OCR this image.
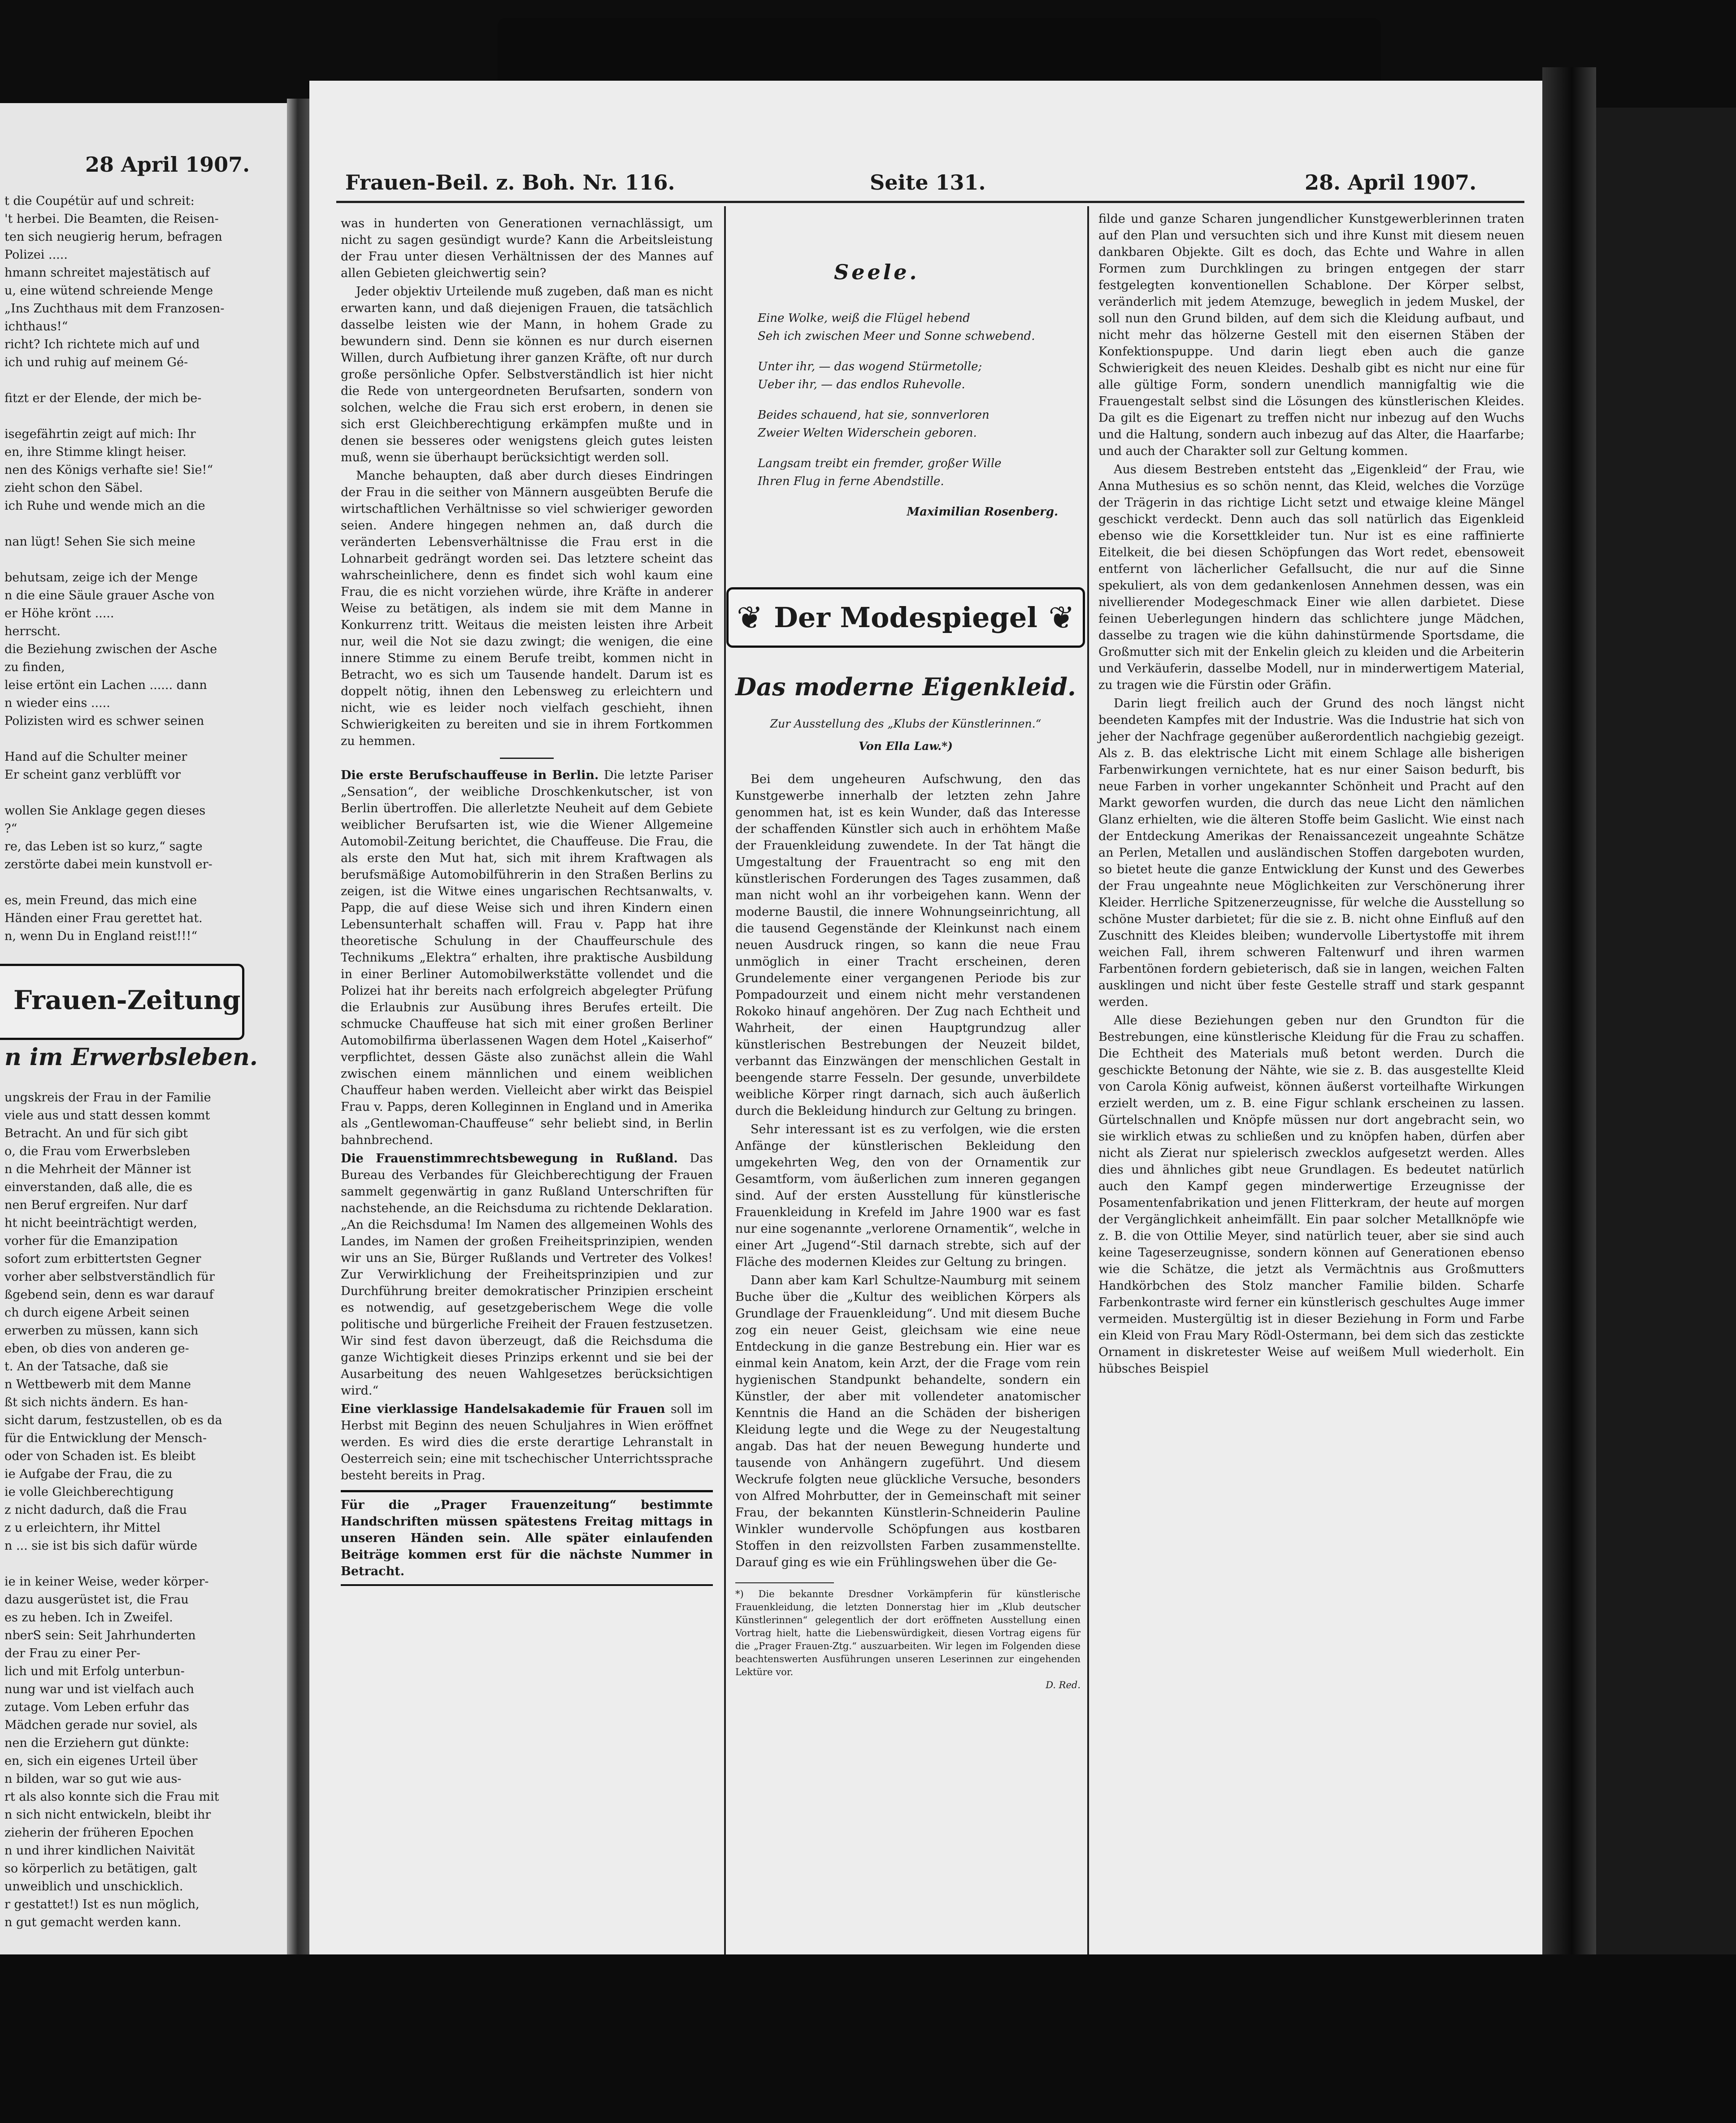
28 April 1907.
t die Coupétür auf und schreit:
't herbei. Die Beamten, die Reisen-
ten sich neugierig herum, befragen
Polizei .....
hmann schreitet majestätisch auf
u, eine wütend schreiende Menge
„Ins Zuchthaus mit dem Franzosen-
ichthaus!“
richt? Ich richtete mich auf und
ich und ruhig auf meinem Gé-
fitzt er der Elende, der mich be-
isegefährtin zeigt auf mich: Ihr
en, ihre Stimme klingt heiser.
nen des Königs verhafte sie! Sie!“
zieht schon den Säbel.
ich Ruhe und wende mich an die
nan lügt! Sehen Sie sich meine
behutsam, zeige ich der Menge
n die eine Säule grauer Asche von
er Höhe krönt .....
herrscht.
die Beziehung zwischen der Asche
zu finden,
leise ertönt ein Lachen ...... dann
n wieder eins .....
Polizisten wird es schwer seinen
Hand auf die Schulter meiner
Er scheint ganz verblüfft vor
wollen Sie Anklage gegen dieses
?“
re, das Leben ist so kurz,“ sagte
zerstörte dabei mein kunstvoll er-
es, mein Freund, das mich eine
Händen einer Frau gerettet hat.
n, wenn Du in England reist!!!“
Frauen-Zeitung
n im Erwerbsleben.
ungskreis der Frau in der Familie
viele aus und statt dessen kommt
Betracht. An und für sich gibt
o, die Frau vom Erwerbsleben
n die Mehrheit der Männer ist
einverstanden, daß alle, die es
nen Beruf ergreifen. Nur darf
ht nicht beeinträchtigt werden,
vorher für die Emanzipation
sofort zum erbittertsten Gegner
vorher aber selbstverständlich für
ßgebend sein, denn es war darauf
ch durch eigene Arbeit seinen
erwerben zu müssen, kann sich
eben, ob dies von anderen ge-
t. An der Tatsache, daß sie
n Wettbewerb mit dem Manne
ßt sich nichts ändern. Es han-
sicht darum, festzustellen, ob es da
für die Entwicklung der Mensch-
oder von Schaden ist. Es bleibt
ie Aufgabe der Frau, die zu
ie volle Gleichberechtigung
z nicht dadurch, daß die Frau
z u erleichtern, ihr Mittel
n ... sie ist bis sich dafür würde
ie in keiner Weise, weder körper-
dazu ausgerüstet ist, die Frau
es zu heben. Ich in Zweifel.
nberS sein: Seit Jahrhunderten
der Frau zu einer Per-
lich und mit Erfolg unterbun-
nung war und ist vielfach auch
zutage. Vom Leben erfuhr das
Mädchen gerade nur soviel, als
nen die Erziehern gut dünkte:
en, sich ein eigenes Urteil über
n bilden, war so gut wie aus-
rt als also konnte sich die Frau mit
n sich nicht entwickeln, bleibt ihr
zieherin der früheren Epochen
n und ihrer kindlichen Naivität
so körperlich zu betätigen, galt
unweiblich und unschicklich.
r gestattet!) Ist es nun möglich,
n gut gemacht werden kann.
Frauen-Beil. z. Boh. Nr. 116.	Seite 131.	28. April 1907.

was in hunderten von Generationen vernachlässigt, um nicht zu sagen gesündigt wurde? Kann die Arbeitsleistung der Frau unter diesen Verhältnissen der des Mannes auf allen Gebieten gleichwertig sein?

Jeder objektiv Urteilende muß zugeben, daß man es nicht erwarten kann, und daß diejenigen Frauen, die tatsächlich dasselbe leisten wie der Mann, in hohem Grade zu bewundern sind. Denn sie können es nur durch eisernen Willen, durch Aufbietung ihrer ganzen Kräfte, oft nur durch große persönliche Opfer. Selbstverständlich ist hier nicht die Rede von untergeordneten Berufsarten, sondern von solchen, welche die Frau sich erst erobern, in denen sie sich erst Gleichberechtigung erkämpfen mußte und in denen sie besseres oder wenigstens gleich gutes leisten muß, wenn sie überhaupt berücksichtigt werden soll.

Manche behaupten, daß aber durch dieses Eindringen der Frau in die seither von Männern ausgeübten Berufe die wirtschaftlichen Verhältnisse so viel schwieriger geworden seien. Andere hingegen nehmen an, daß durch die veränderten Lebensverhältnisse die Frau erst in die Lohnarbeit gedrängt worden sei. Das letztere scheint das wahrscheinlichere, denn es findet sich wohl kaum eine Frau, die es nicht vorziehen würde, ihre Kräfte in anderer Weise zu betätigen, als indem sie mit dem Manne in Konkurrenz tritt. Weitaus die meisten leisten ihre Arbeit nur, weil die Not sie dazu zwingt; die wenigen, die eine innere Stimme zu einem Berufe treibt, kommen nicht in Betracht, wo es sich um Tausende handelt. Darum ist es doppelt nötig, ihnen den Lebensweg zu erleichtern und nicht, wie es leider noch vielfach geschieht, ihnen Schwierigkeiten zu bereiten und sie in ihrem Fortkommen zu hemmen.

Die erste Berufschauffeuse in Berlin. Die letzte Pariser „Sensation“, der weibliche Droschkenkutscher, ist von Berlin übertroffen. Die allerletzte Neuheit auf dem Gebiete weiblicher Berufsarten ist, wie die Wiener Allgemeine Automobil-Zeitung berichtet, die Chauffeuse. Die Frau, die als erste den Mut hat, sich mit ihrem Kraftwagen als berufsmäßige Automobilführerin in den Straßen Berlins zu zeigen, ist die Witwe eines ungarischen Rechtsanwalts, v. Papp, die auf diese Weise sich und ihren Kindern einen Lebensunterhalt schaffen will. Frau v. Papp hat ihre theoretische Schulung in der Chauffeurschule des Technikums „Elektra“ erhalten, ihre praktische Ausbildung in einer Berliner Automobilwerkstätte vollendet und die Polizei hat ihr bereits nach erfolgreich abgelegter Prüfung die Erlaubnis zur Ausübung ihres Berufes erteilt. Die schmucke Chauffeuse hat sich mit einer großen Berliner Automobilfirma überlassenen Wagen dem Hotel „Kaiserhof“ verpflichtet, dessen Gäste also zunächst allein die Wahl zwischen einem männlichen und einem weiblichen Chauffeur haben werden. Vielleicht aber wirkt das Beispiel Frau v. Papps, deren Kolleginnen in England und in Amerika als „Gentlewoman-Chauffeuse“ sehr beliebt sind, in Berlin bahnbrechend.

Die Frauenstimmrechtsbewegung in Rußland. Das Bureau des Verbandes für Gleichberechtigung der Frauen sammelt gegenwärtig in ganz Rußland Unterschriften für nachstehende, an die Reichsduma zu richtende Deklaration. „An die Reichsduma! Im Namen des allgemeinen Wohls des Landes, im Namen der großen Freiheitsprinzipien, wenden wir uns an Sie, Bürger Rußlands und Vertreter des Volkes! Zur Verwirklichung der Freiheitsprinzipien und zur Durchführung breiter demokratischer Prinzipien erscheint es notwendig, auf gesetzgeberischem Wege die volle politische und bürgerliche Freiheit der Frauen festzusetzen. Wir sind fest davon überzeugt, daß die Reichsduma die ganze Wichtigkeit dieses Prinzips erkennt und sie bei der Ausarbeitung des neuen Wahlgesetzes berücksichtigen wird.“

Eine vierklassige Handelsakademie für Frauen soll im Herbst mit Beginn des neuen Schuljahres in Wien eröffnet werden. Es wird dies die erste derartige Lehranstalt in Oesterreich sein; eine mit tschechischer Unterrichtssprache besteht bereits in Prag.

Für die „Prager Frauenzeitung“ bestimmte Handschriften müssen spätestens Freitag mittags in unseren Händen sein. Alle später einlaufenden Beiträge kommen erst für die nächste Nummer in Betracht.

Seele.
Eine Wolke, weiß die Flügel hebend
Seh ich zwischen Meer und Sonne schwebend.
Unter ihr, — das wogend Stürmetolle;
Ueber ihr, — das endlos Ruhevolle.
Beides schauend, hat sie, sonnverloren
Zweier Welten Widerschein geboren.
Langsam treibt ein fremder, großer Wille
Ihren Flug in ferne Abendstille.
Maximilian Rosenberg.
❦ Der Modespiegel ❦
Das moderne Eigenkleid.
Zur Ausstellung des „Klubs der Künstlerinnen.“
Von Ella Law.*)

Bei dem ungeheuren Aufschwung, den das Kunstgewerbe innerhalb der letzten zehn Jahre genommen hat, ist es kein Wunder, daß das Interesse der schaffenden Künstler sich auch in erhöhtem Maße der Frauenkleidung zuwendete. In der Tat hängt die Umgestaltung der Frauentracht so eng mit den künstlerischen Forderungen des Tages zusammen, daß man nicht wohl an ihr vorbeigehen kann. Wenn der moderne Baustil, die innere Wohnungseinrichtung, all die tausend Gegenstände der Kleinkunst nach einem neuen Ausdruck ringen, so kann die neue Frau unmöglich in einer Tracht erscheinen, deren Grundelemente einer vergangenen Periode bis zur Pompadourzeit und einem nicht mehr verstandenen Rokoko hinauf angehören. Der Zug nach Echtheit und Wahrheit, der einen Hauptgrundzug aller künstlerischen Bestrebungen der Neuzeit bildet, verbannt das Einzwängen der menschlichen Gestalt in beengende starre Fesseln. Der gesunde, unverbildete weibliche Körper ringt darnach, sich auch äußerlich durch die Bekleidung hindurch zur Geltung zu bringen.

Sehr interessant ist es zu verfolgen, wie die ersten Anfänge der künstlerischen Bekleidung den umgekehrten Weg, den von der Ornamentik zur Gesamtform, vom äußerlichen zum inneren gegangen sind. Auf der ersten Ausstellung für künstlerische Frauenkleidung in Krefeld im Jahre 1900 war es fast nur eine sogenannte „verlorene Ornamentik“, welche in einer Art „Jugend“-Stil darnach strebte, sich auf der Fläche des modernen Kleides zur Geltung zu bringen.

Dann aber kam Karl Schultze-Naumburg mit seinem Buche über die „Kultur des weiblichen Körpers als Grundlage der Frauenkleidung“. Und mit diesem Buche zog ein neuer Geist, gleichsam wie eine neue Entdeckung in die ganze Bestrebung ein. Hier war es einmal kein Anatom, kein Arzt, der die Frage vom rein hygienischen Standpunkt behandelte, sondern ein Künstler, der aber mit vollendeter anatomischer Kenntnis die Hand an die Schäden der bisherigen Kleidung legte und die Wege zu der Neugestaltung angab. Das hat der neuen Bewegung hunderte und tausende von Anhängern zugeführt. Und diesem Weckrufe folgten neue glückliche Versuche, besonders von Alfred Mohrbutter, der in Gemeinschaft mit seiner Frau, der bekannten Künstlerin-Schneiderin Pauline Winkler wundervolle Schöpfungen aus kostbaren Stoffen in den reizvollsten Farben zusammenstellte. Darauf ging es wie ein Frühlingswehen über die Ge-

*) Die bekannte Dresdner Vorkämpferin für künstlerische Frauenkleidung, die letzten Donnerstag hier im „Klub deutscher Künstlerinnen“ gelegentlich der dort eröffneten Ausstellung einen Vortrag hielt, hatte die Liebenswürdigkeit, diesen Vortrag eigens für die „Prager Frauen-Ztg.“ auszuarbeiten. Wir legen im Folgenden diese beachtenswerten Ausführungen unseren Leserinnen zur eingehenden Lektüre vor.
D. Red.

filde und ganze Scharen jungendlicher Kunstgewerblerinnen traten auf den Plan und versuchten sich und ihre Kunst mit diesem neuen dankbaren Objekte. Gilt es doch, das Echte und Wahre in allen Formen zum Durchklingen zu bringen entgegen der starr festgelegten konventionellen Schablone. Der Körper selbst, veränderlich mit jedem Atemzuge, beweglich in jedem Muskel, der soll nun den Grund bilden, auf dem sich die Kleidung aufbaut, und nicht mehr das hölzerne Gestell mit den eisernen Stäben der Konfektionspuppe. Und darin liegt eben auch die ganze Schwierigkeit des neuen Kleides. Deshalb gibt es nicht nur eine für alle gültige Form, sondern unendlich mannigfaltig wie die Frauengestalt selbst sind die Lösungen des künstlerischen Kleides. Da gilt es die Eigenart zu treffen nicht nur inbezug auf den Wuchs und die Haltung, sondern auch inbezug auf das Alter, die Haarfarbe; und auch der Charakter soll zur Geltung kommen.

Aus diesem Bestreben entsteht das „Eigenkleid“ der Frau, wie Anna Muthesius es so schön nennt, das Kleid, welches die Vorzüge der Trägerin in das richtige Licht setzt und etwaige kleine Mängel geschickt verdeckt. Denn auch das soll natürlich das Eigenkleid ebenso wie die Korsettkleider tun. Nur ist es eine raffinierte Eitelkeit, die bei diesen Schöpfungen das Wort redet, ebensoweit entfernt von lächerlicher Gefallsucht, die nur auf die Sinne spekuliert, als von dem gedankenlosen Annehmen dessen, was ein nivellierender Modegeschmack Einer wie allen darbietet. Diese feinen Ueberlegungen hindern das schlichtere junge Mädchen, dasselbe zu tragen wie die kühn dahinstürmende Sportsdame, die Großmutter sich mit der Enkelin gleich zu kleiden und die Arbeiterin und Verkäuferin, dasselbe Modell, nur in minderwertigem Material, zu tragen wie die Fürstin oder Gräfin.

Darin liegt freilich auch der Grund des noch längst nicht beendeten Kampfes mit der Industrie. Was die Industrie hat sich von jeher der Nachfrage gegenüber außerordentlich nachgiebig gezeigt. Als z. B. das elektrische Licht mit einem Schlage alle bisherigen Farbenwirkungen vernichtete, hat es nur einer Saison bedurft, bis neue Farben in vorher ungekannter Schönheit und Pracht auf den Markt geworfen wurden, die durch das neue Licht den nämlichen Glanz erhielten, wie die älteren Stoffe beim Gaslicht. Wie einst nach der Entdeckung Amerikas der Renaissancezeit ungeahnte Schätze an Perlen, Metallen und ausländischen Stoffen dargeboten wurden, so bietet heute die ganze Entwicklung der Kunst und des Gewerbes der Frau ungeahnte neue Möglichkeiten zur Verschönerung ihrer Kleider. Herrliche Spitzenerzeugnisse, für welche die Ausstellung so schöne Muster darbietet; für die sie z. B. nicht ohne Einfluß auf den Zuschnitt des Kleides bleiben; wundervolle Libertystoffe mit ihrem weichen Fall, ihrem schweren Faltenwurf und ihren warmen Farbentönen fordern gebieterisch, daß sie in langen, weichen Falten ausklingen und nicht über feste Gestelle straff und stark gespannt werden.

Alle diese Beziehungen geben nur den Grundton für die Bestrebungen, eine künstlerische Kleidung für die Frau zu schaffen. Die Echtheit des Materials muß betont werden. Durch die geschickte Betonung der Nähte, wie sie z. B. das ausgestellte Kleid von Carola König aufweist, können äußerst vorteilhafte Wirkungen erzielt werden, um z. B. eine Figur schlank erscheinen zu lassen. Gürtelschnallen und Knöpfe müssen nur dort angebracht sein, wo sie wirklich etwas zu schließen und zu knöpfen haben, dürfen aber nicht als Zierat nur spielerisch zwecklos aufgesetzt werden. Alles dies und ähnliches gibt neue Grundlagen. Es bedeutet natürlich auch den Kampf gegen minderwertige Erzeugnisse der Posamentenfabrikation und jenen Flitterkram, der heute auf morgen der Vergänglichkeit anheimfällt. Ein paar solcher Metallknöpfe wie z. B. die von Ottilie Meyer, sind natürlich teuer, aber sie sind auch keine Tageserzeugnisse, sondern können auf Generationen ebenso wie die Schätze, die jetzt als Vermächtnis aus Großmutters Handkörbchen des Stolz mancher Familie bilden. Scharfe Farbenkontraste wird ferner ein künstlerisch geschultes Auge immer vermeiden. Mustergültig ist in dieser Beziehung in Form und Farbe ein Kleid von Frau Mary Rödl-Ostermann, bei dem sich das zestickte Ornament in diskretester Weise auf weißem Mull wiederholt. Ein hübsches Beispiel
